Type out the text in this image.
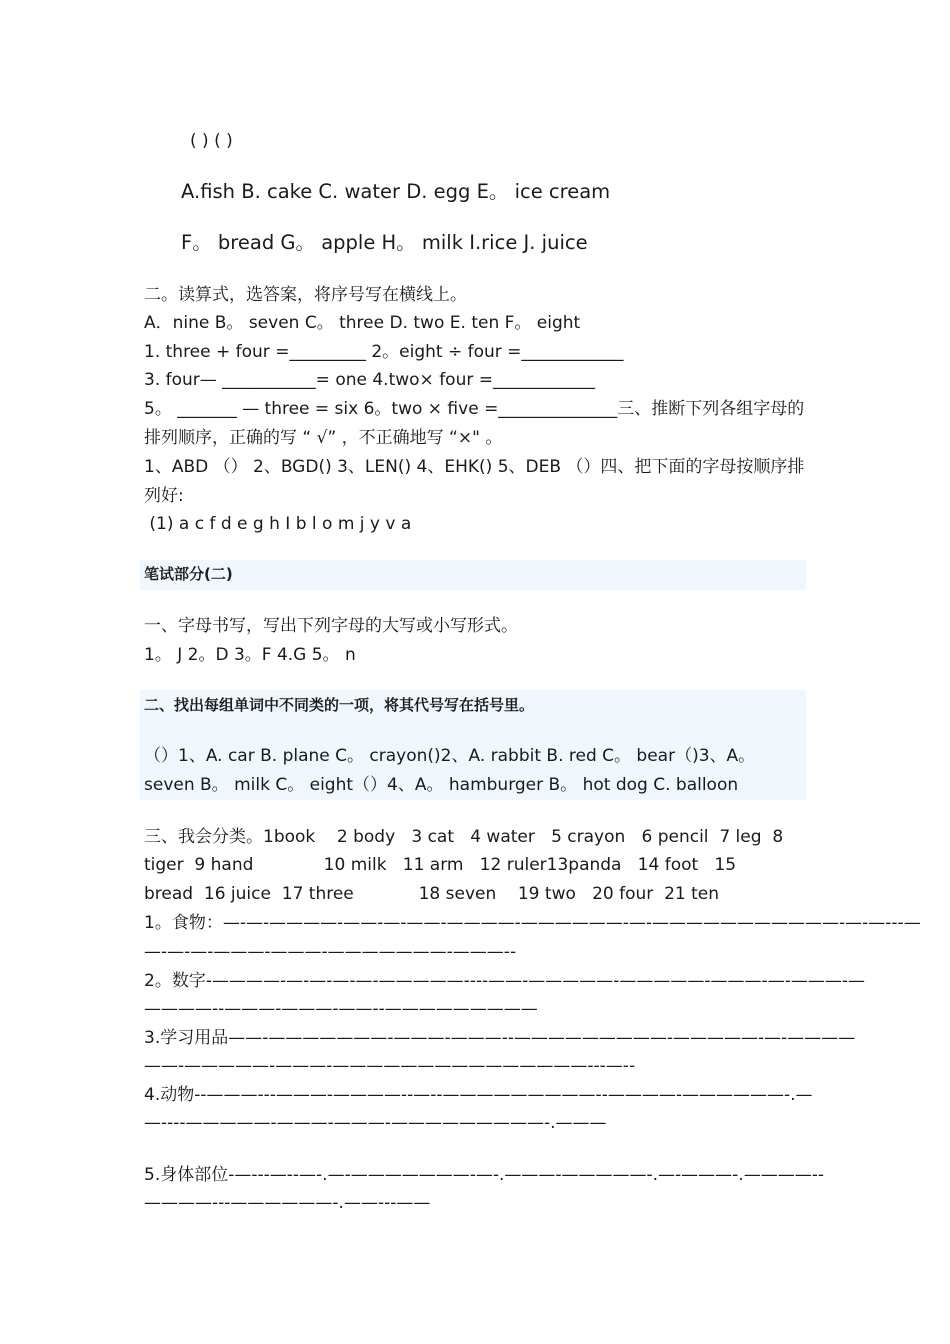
( ) ( )
A.fish B. cake C. water D. egg E。 ice cream
F。 bread G。 apple H。 milk I.rice J. juice
二。读算式，选答案，将序号写在横线上。
A．nine B。 seven C。 three D. two E. ten F。 eight
1. three + four =_________ 2。eight ÷ four =____________
3. four— ___________= one 4.two× four =____________
5。 _______ — three = six 6。two × five =______________三、推断下列各组字母的排列顺序，正确的写 “ √” ，不正确地写 “×" 。
1、ABD （） 2、BGD() 3、LEN() 4、EHK() 5、DEB （）四、把下面的字母按顺序排列好:
(1) a c f d e g h I b l o m j y v a
笔试部分(二)
一、字母书写，写出下列字母的大写或小写形式。
1。 J 2。D 3。F 4.G 5。 n
二、找出每组单词中不同类的一项，将其代号写在括号里。
（）1、A. car B. plane C。 crayon()2、A. rabbit B. red C。 bear（)3、A。 seven B。 milk C。 eight（）4、A。 hamburger B。 hot dog C. balloon
三、我会分类。1book    2 body   3 cat   4 water   5 crayon   6 pencil  7 leg  8
tiger  9 hand             10 milk   11 arm   12 ruler13panda   14 foot   15
bread  16 juice  17 three            18 seven    19 two   20 four  21 ten
1。食物：—-—-————-——-—-——-————-——————-—-———————————-—-—---—
—-—-—-———-———-———————-———--
2。数字-————-—-—-—-—-—————----——-—————-—————-———-—-———-—
————--———-———-——--—————————
3.学习用品——-———————-———-———--—————————-—————-—-————
——-—————-———-———————————————---—--
4.动物--———---———-————--—--—————————--————-——————-.—
—----—————-———-———-—————————-.———
5.身体部位-—---—--—-.—-———————-—-.———-—————-.—-———-.————--
————---——————-.——---——
